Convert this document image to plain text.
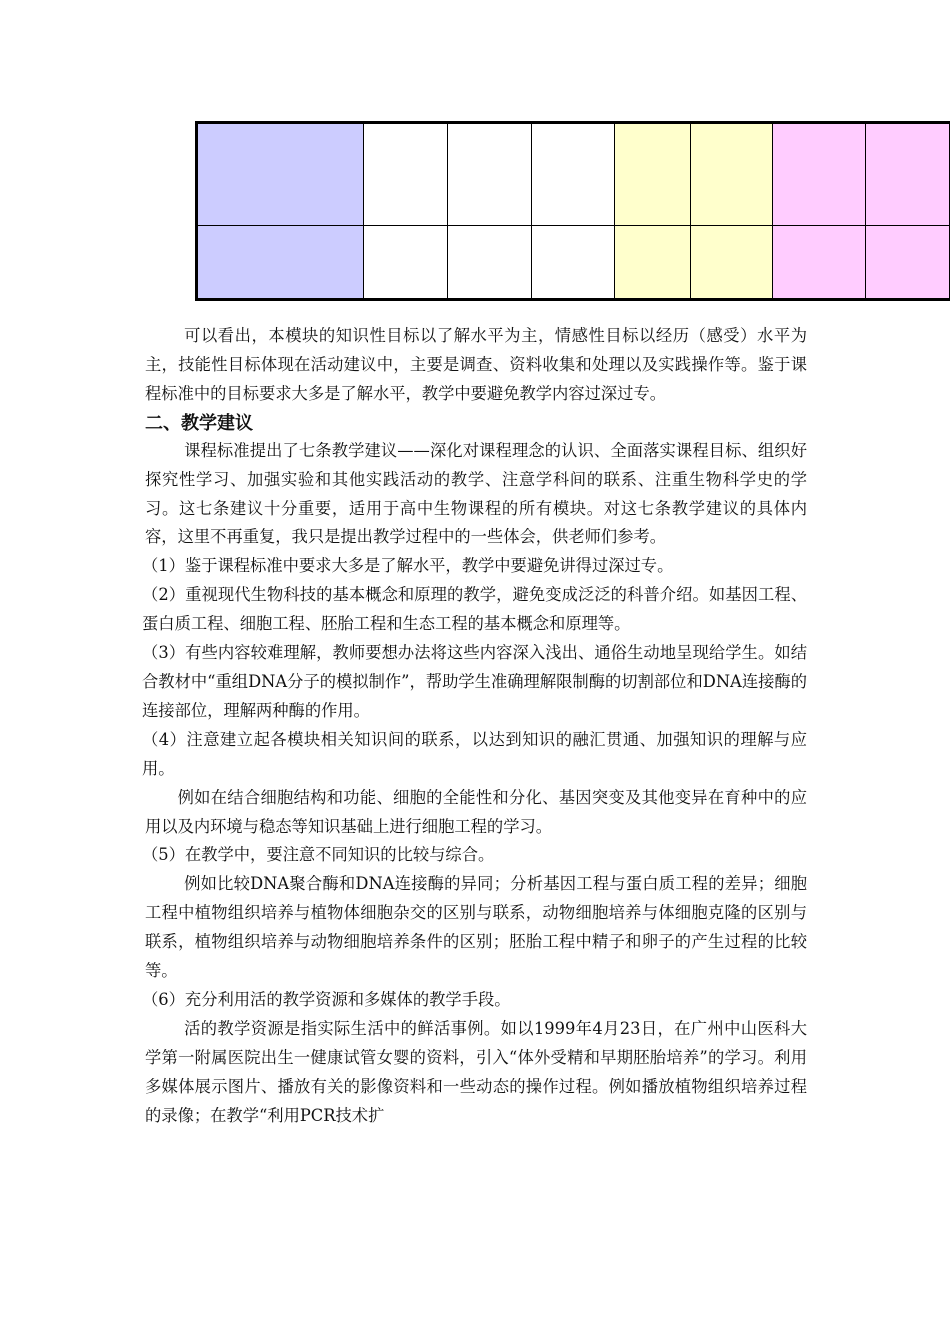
可以看出，本模块的知识性目标以了解水平为主，情感性目标以经历（感受）水平为主，技能性目标体现在活动建议中，主要是调查、资料收集和处理以及实践操作等。鉴于课程标准中的目标要求大多是了解水平，教学中要避免教学内容过深过专。

二、教学建议

课程标准提出了七条教学建议——深化对课程理念的认识、全面落实课程目标、组织好探究性学习、加强实验和其他实践活动的教学、注意学科间的联系、注重生物科学史的学习。这七条建议十分重要，适用于高中生物课程的所有模块。对这七条教学建议的具体内容，这里不再重复，我只是提出教学过程中的一些体会，供老师们参考。

（1）鉴于课程标准中要求大多是了解水平，教学中要避免讲得过深过专。

（2）重视现代生物科技的基本概念和原理的教学，避免变成泛泛的科普介绍。如基因工程、蛋白质工程、细胞工程、胚胎工程和生态工程的基本概念和原理等。

（3）有些内容较难理解，教师要想办法将这些内容深入浅出、通俗生动地呈现给学生。如结合教材中“重组DNA分子的模拟制作”，帮助学生准确理解限制酶的切割部位和DNA连接酶的连接部位，理解两种酶的作用。

（4）注意建立起各模块相关知识间的联系，以达到知识的融汇贯通、加强知识的理解与应用。

例如在结合细胞结构和功能、细胞的全能性和分化、基因突变及其他变异在育种中的应用以及内环境与稳态等知识基础上进行细胞工程的学习。

（5）在教学中，要注意不同知识的比较与综合。

例如比较DNA聚合酶和DNA连接酶的异同；分析基因工程与蛋白质工程的差异；细胞工程中植物组织培养与植物体细胞杂交的区别与联系，动物细胞培养与体细胞克隆的区别与联系，植物组织培养与动物细胞培养条件的区别；胚胎工程中精子和卵子的产生过程的比较等。

（6）充分利用活的教学资源和多媒体的教学手段。

活的教学资源是指实际生活中的鲜活事例。如以1999年4月23日，在广州中山医科大学第一附属医院出生一健康试管女婴的资料，引入“体外受精和早期胚胎培养”的学习。利用多媒体展示图片、播放有关的影像资料和一些动态的操作过程。例如播放植物组织培养过程的录像；在教学“利用PCR技术扩
